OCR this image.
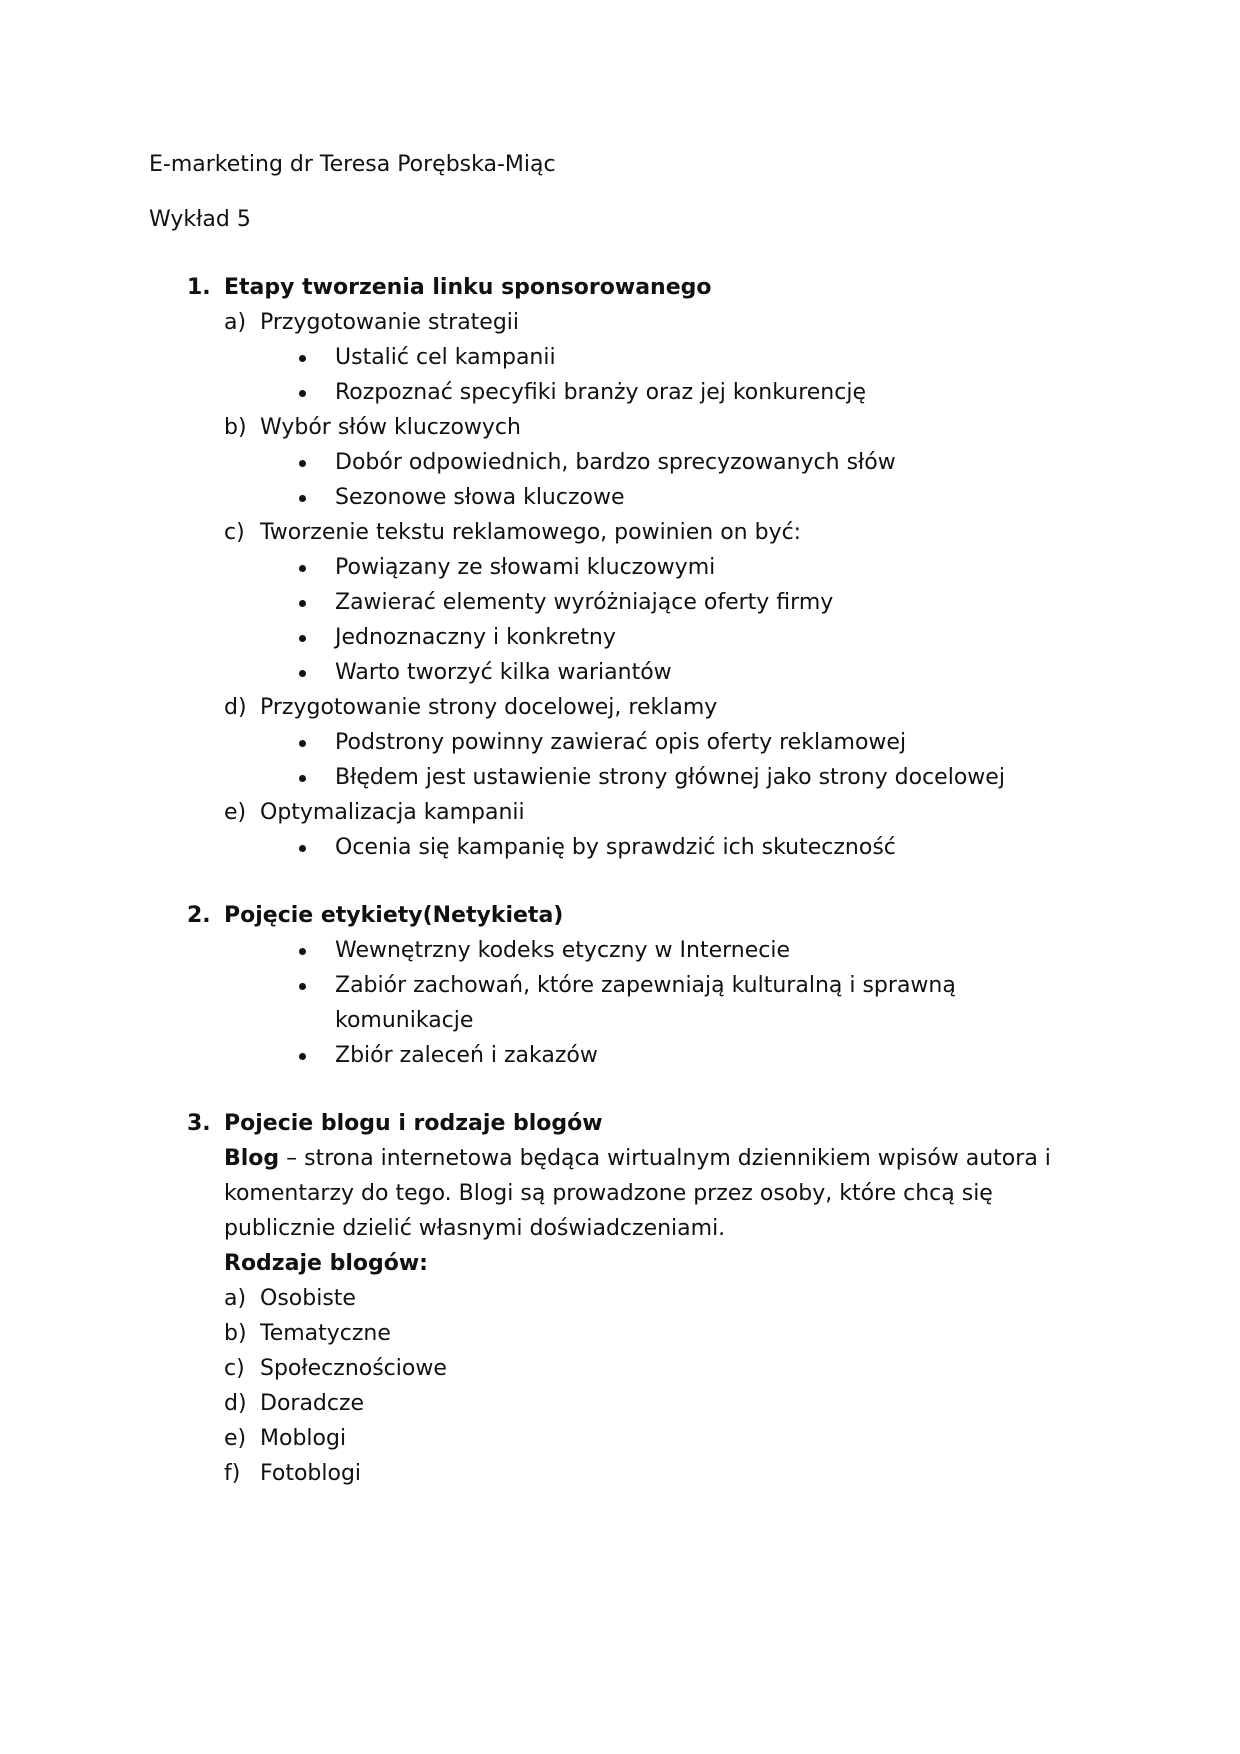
E-marketing dr Teresa Porębska-Miąc
Wykład 5
1. Etapy tworzenia linku sponsorowanego
a) Przygotowanie strategii
Ustalić cel kampanii
Rozpoznać specyfiki branży oraz jej konkurencję
b) Wybór słów kluczowych
Dobór odpowiednich, bardzo sprecyzowanych słów
Sezonowe słowa kluczowe
c) Tworzenie tekstu reklamowego, powinien on być:
Powiązany ze słowami kluczowymi
Zawierać elementy wyróżniające oferty firmy
Jednoznaczny i konkretny
Warto tworzyć kilka wariantów
d) Przygotowanie strony docelowej, reklamy
Podstrony powinny zawierać opis oferty reklamowej
Błędem jest ustawienie strony głównej jako strony docelowej
e) Optymalizacja kampanii
Ocenia się kampanię by sprawdzić ich skuteczność
2. Pojęcie etykiety(Netykieta)
Wewnętrzny kodeks etyczny w Internecie
Zabiór zachowań, które zapewniają kulturalną i sprawną komunikacje
Zbiór zaleceń i zakazów
3. Pojecie blogu i rodzaje blogów
Blog – strona internetowa będąca wirtualnym dziennikiem wpisów autora i komentarzy do tego. Blogi są prowadzone przez osoby, które chcą się publicznie dzielić własnymi doświadczeniami.
Rodzaje blogów:
a) Osobiste
b) Tematyczne
c) Społecznościowe
d) Doradcze
e) Moblogi
f) Fotoblogi
